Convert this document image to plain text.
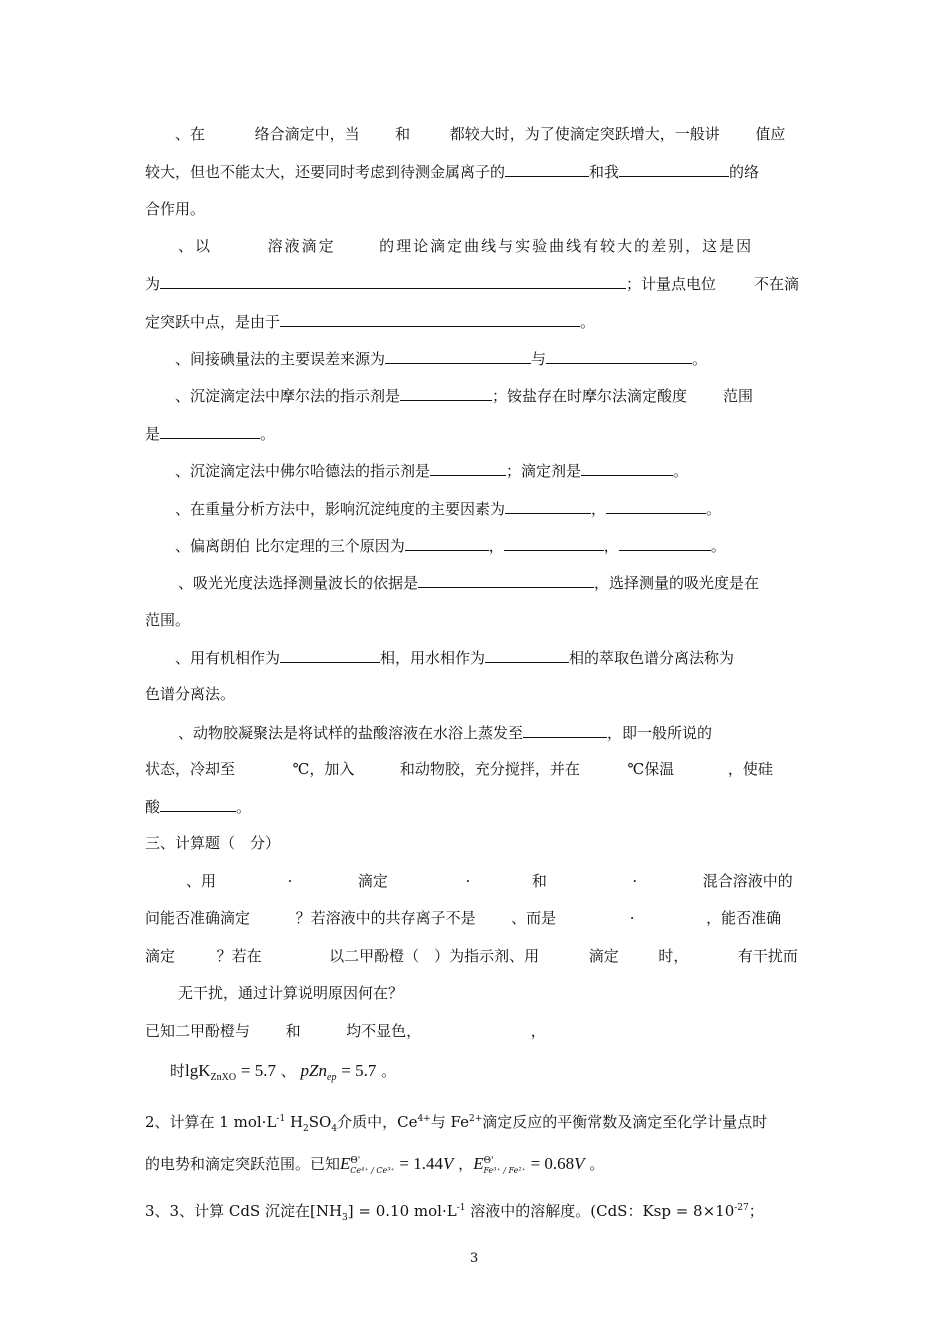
、在	络合滴定中，当 和	都较大时，为了使滴定突跃增大，一般讲 值应
较大，但也不能太大，还要同时考虑到待测金属离子的	和我	的络
合作用。
、以	溶液滴定	的理论滴定曲线与实验曲线有较大的差别，这是因
为	；计量点电位	不在滴
定突跃中点，是由于	。
、间接碘量法的主要误差来源为	与	。
、沉淀滴定法中摩尔法的指示剂是	；铵盐存在时摩尔法滴定酸度 范围
是	。
、沉淀滴定法中佛尔哈德法的指示剂是	；滴定剂是	。
、在重量分析方法中，影响沉淀纯度的主要因素为	，	。
、偏离朗伯 比尔定理的三个原因为	，	，	。
、吸光光度法选择测量波长的依据是	，选择测量的吸光度是在
范围。
、用有机相作为	相，用水相作为	相的萃取色谱分离法称为
色谱分离法。
、动物胶凝聚法是将试样的盐酸溶液在水浴上蒸发至	，即一般所说的
状态，冷却至	℃，加入	和动物胶，充分搅拌，并在	℃保温	，使硅
酸	。
三、计算题（　分）
、用	·	滴定	·	和	·	混合溶液中的
问能否准确滴定	？若溶液中的共存离子不是 、而是	·	，能否准确
滴定	？若在	以二甲酚橙（　）为指示剂、用	滴定	时，	有干扰而
无干扰，通过计算说明原因何在？
已知二甲酚橙与 和	均不显色，	，
时lgK$_{ZnXO}$ = 5.7 、 pZn$_{ep}$ = 5.7 。
2、计算在 1 $mol\cdot L^{-1}$ $H_2SO_4$介质中，$Ce^{4+}$与 $Fe^{2+}$滴定反应的平衡常数及滴定至化学计量点时
的电势和滴定突跃范围。已知$E^{\Theta'}_{Ce^{4+} / Ce^{3+}} = 1.44V$ ，$E^{\Theta'}_{Fe^{3+} / Fe^{2+}} = 0.68V$ 。
3、3、计算 CdS 沉淀在$[NH_3] = 0.10$ $mol\cdot L^{-1}$ 溶液中的溶解度。(CdS：Ksp = $8\times 10^{-27}$；
3
